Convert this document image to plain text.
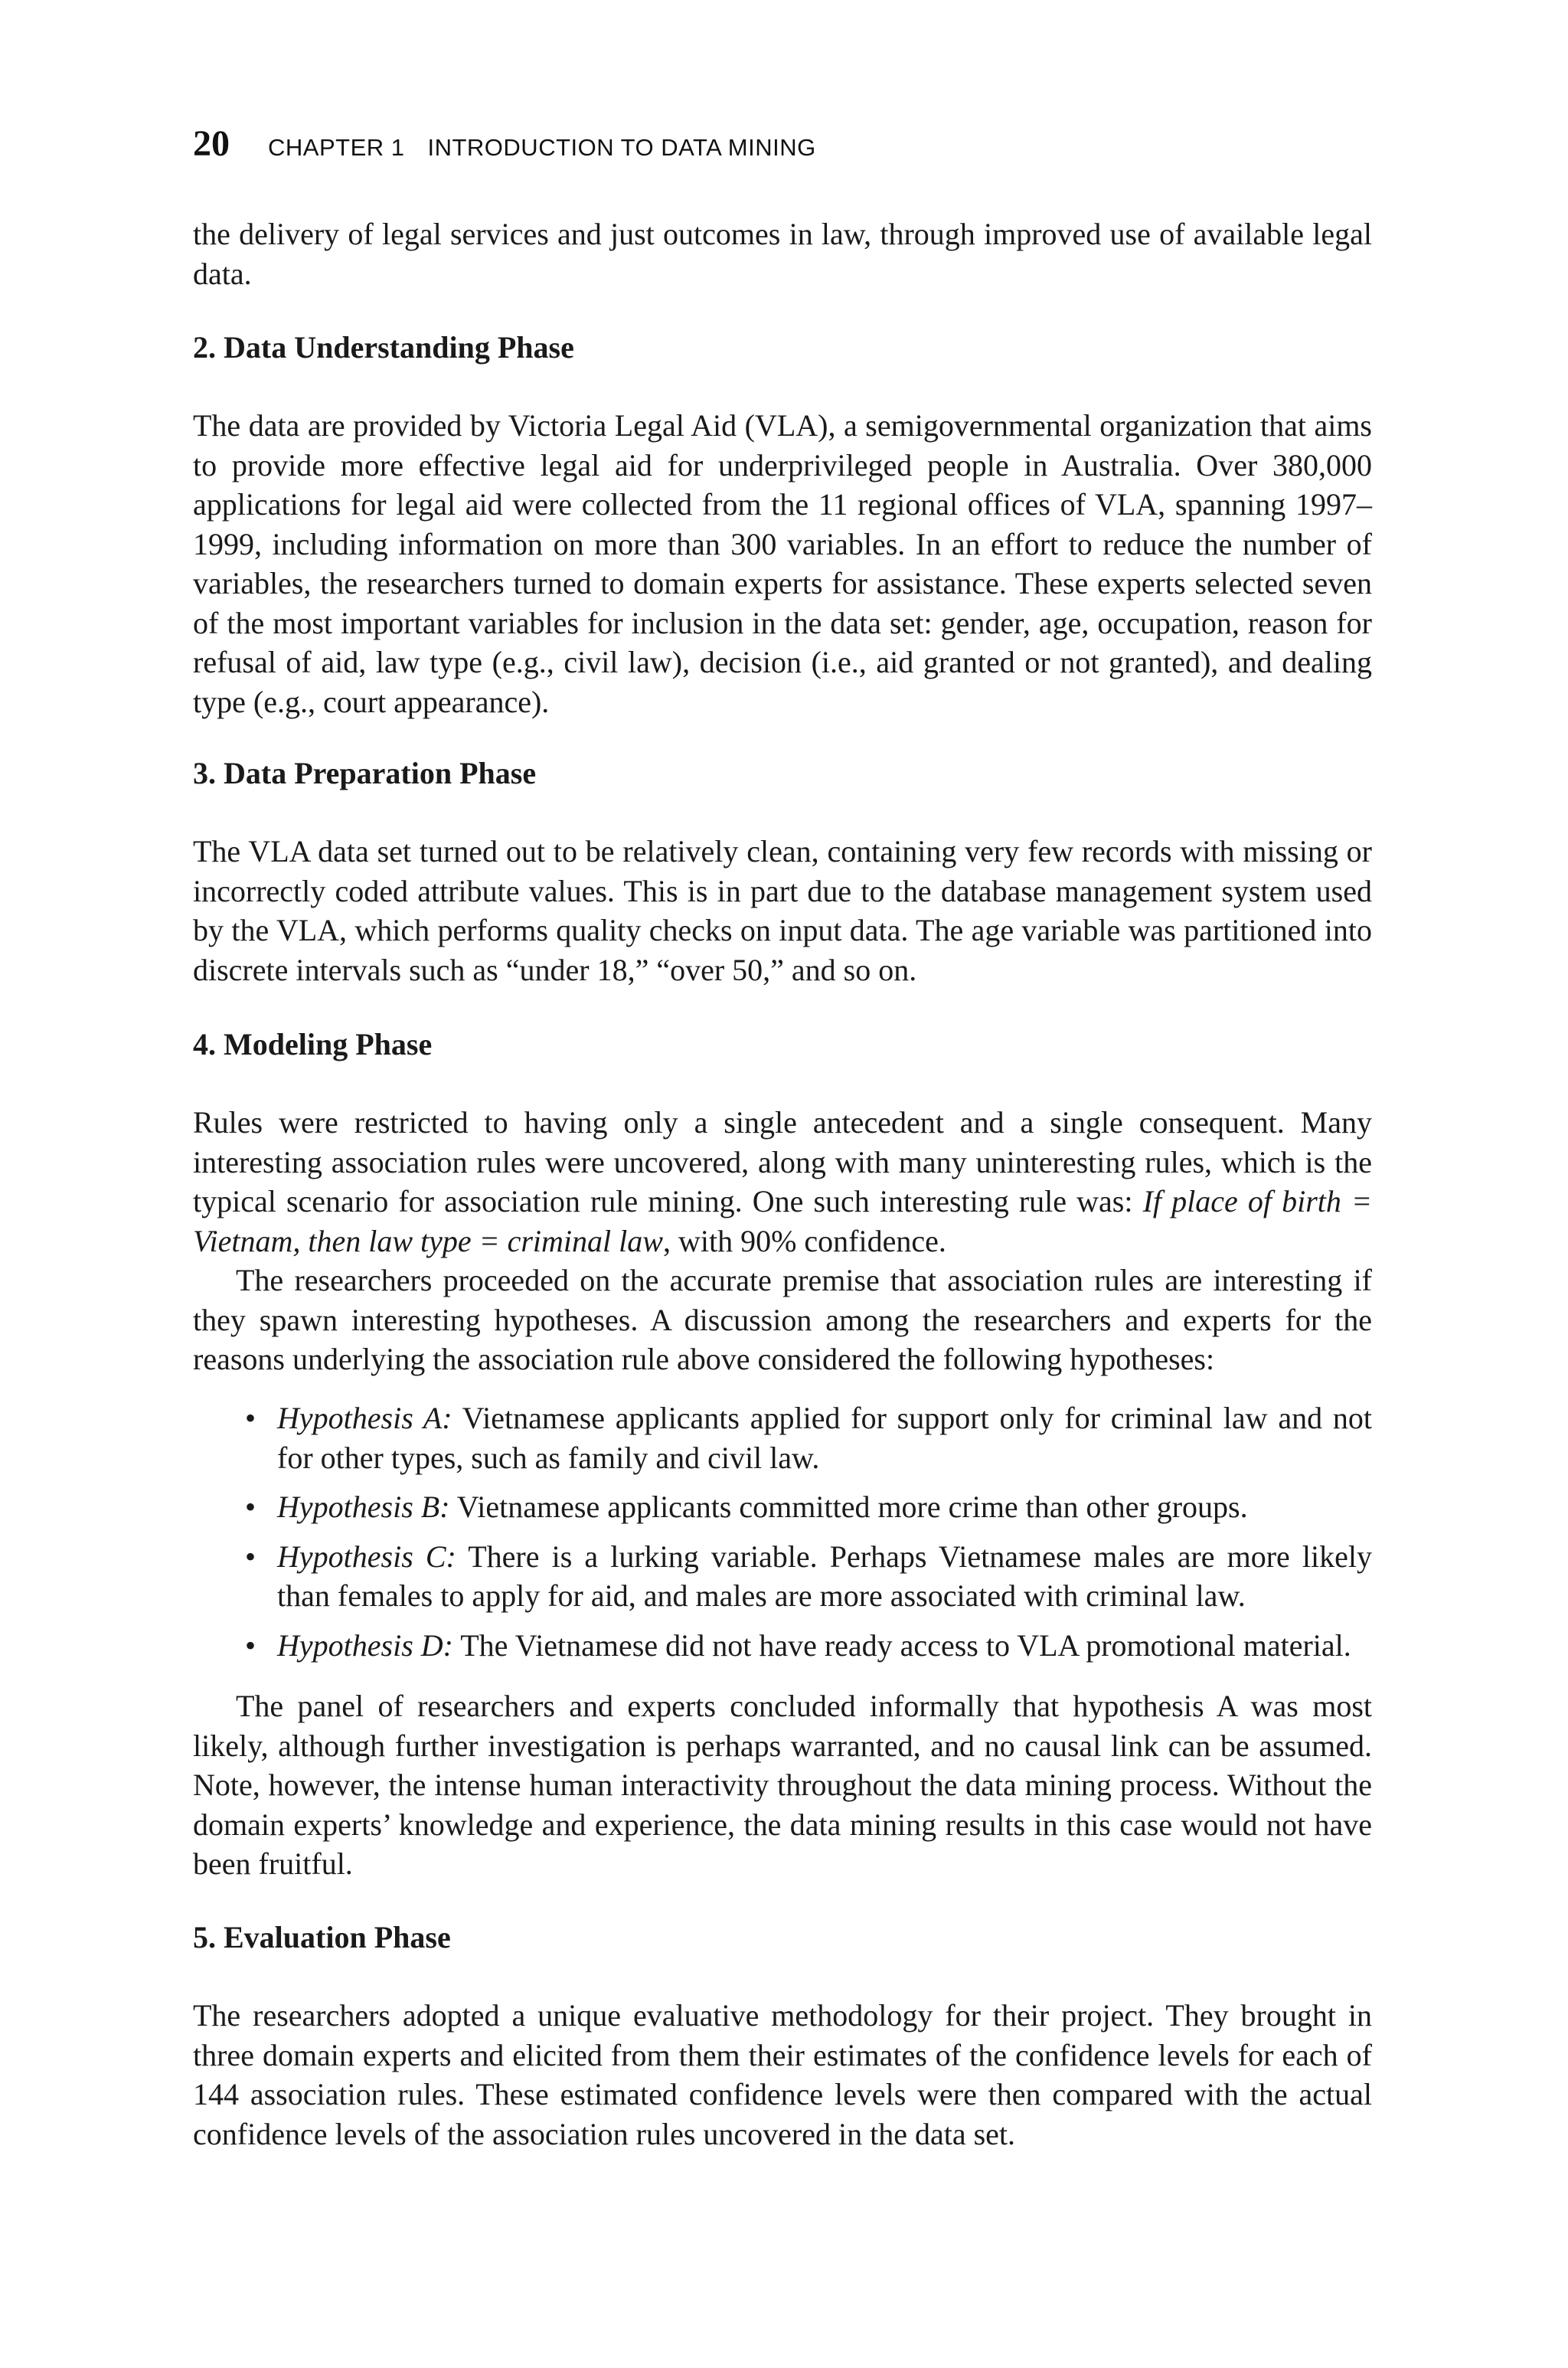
20 CHAPTER 1 INTRODUCTION TO DATA MINING

the delivery of legal services and just outcomes in law, through improved use of available legal data.

2. Data Understanding Phase

The data are provided by Victoria Legal Aid (VLA), a semigovernmental organization that aims to provide more effective legal aid for underprivileged people in Australia. Over 380,000 applications for legal aid were collected from the 11 regional offices of VLA, spanning 1997–1999, including information on more than 300 variables. In an effort to reduce the number of variables, the researchers turned to domain experts for assistance. These experts selected seven of the most important variables for inclusion in the data set: gender, age, occupation, reason for refusal of aid, law type (e.g., civil law), decision (i.e., aid granted or not granted), and dealing type (e.g., court appearance).

3. Data Preparation Phase

The VLA data set turned out to be relatively clean, containing very few records with missing or incorrectly coded attribute values. This is in part due to the database management system used by the VLA, which performs quality checks on input data. The age variable was partitioned into discrete intervals such as “under 18,” “over 50,” and so on.

4. Modeling Phase

Rules were restricted to having only a single antecedent and a single consequent. Many interesting association rules were uncovered, along with many uninteresting rules, which is the typical scenario for association rule mining. One such interesting rule was: If place of birth = Vietnam, then law type = criminal law, with 90% confidence.

The researchers proceeded on the accurate premise that association rules are interesting if they spawn interesting hypotheses. A discussion among the researchers and experts for the reasons underlying the association rule above considered the following hypotheses:

• Hypothesis A: Vietnamese applicants applied for support only for criminal law and not for other types, such as family and civil law.
• Hypothesis B: Vietnamese applicants committed more crime than other groups.
• Hypothesis C: There is a lurking variable. Perhaps Vietnamese males are more likely than females to apply for aid, and males are more associated with criminal law.
• Hypothesis D: The Vietnamese did not have ready access to VLA promotional material.

The panel of researchers and experts concluded informally that hypothesis A was most likely, although further investigation is perhaps warranted, and no causal link can be assumed. Note, however, the intense human interactivity throughout the data mining process. Without the domain experts’ knowledge and experience, the data mining results in this case would not have been fruitful.

5. Evaluation Phase

The researchers adopted a unique evaluative methodology for their project. They brought in three domain experts and elicited from them their estimates of the confidence levels for each of 144 association rules. These estimated confidence levels were then compared with the actual confidence levels of the association rules uncovered in the data set.
